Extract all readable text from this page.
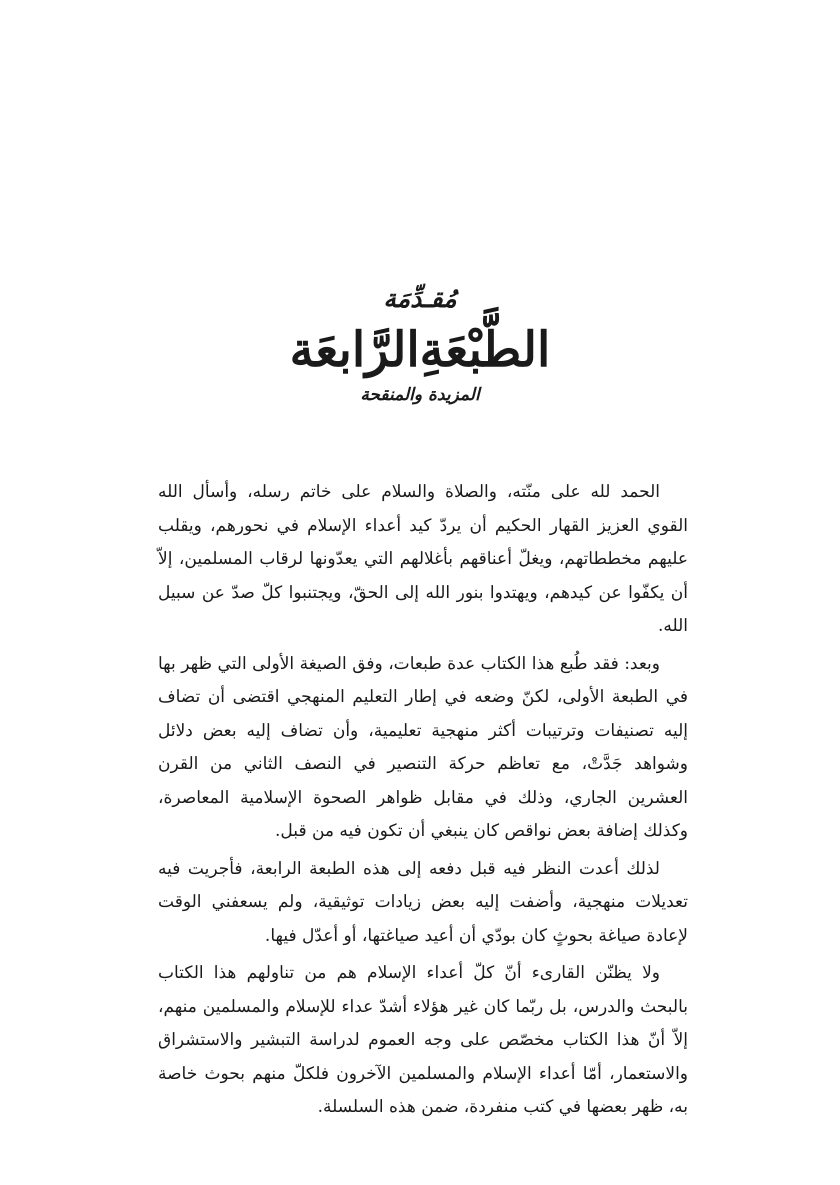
مُقـدِّمَة
الطَّبْعَةِالرَّابعَة
المزيدة والمنقحة

الحمد لله على منّته، والصلاة والسلام على خاتم رسله، وأسأل الله القوي العزيز القهار الحكيم أن يردّ كيد أعداء الإسلام في نحورهم، ويقلب عليهم مخططاتهم، ويغلّ أعناقهم بأغلالهم التي يعدّونها لرقاب المسلمين، إلاّ أن يكفّوا عن كيدهم، ويهتدوا بنور الله إلى الحقّ، ويجتنبوا كلّ صدّ عن سبيل الله.

وبعد: فقد طُبع هذا الكتاب عدة طبعات، وفق الصيغة الأولى التي ظهر بها في الطبعة الأولى، لكنّ وضعه في إطار التعليم المنهجي اقتضى أن تضاف إليه تصنيفات وترتيبات أكثر منهجية تعليمية، وأن تضاف إليه بعض دلائل وشواهد جَدَّتْ، مع تعاظم حركة التنصير في النصف الثاني من القرن العشرين الجاري، وذلك في مقابل ظواهر الصحوة الإسلامية المعاصرة، وكذلك إضافة بعض نواقص كان ينبغي أن تكون فيه من قبل.

لذلك أعدت النظر فيه قبل دفعه إلى هذه الطبعة الرابعة، فأجريت فيه تعديلات منهجية، وأضفت إليه بعض زيادات توثيقية، ولم يسعفني الوقت لإعادة صياغة بحوثٍ كان بودّي أن أعيد صياغتها، أو أعدّل فيها.

ولا يظنّن القارىء أنّ كلّ أعداء الإسلام هم من تناولهم هذا الكتاب بالبحث والدرس، بل ربّما كان غير هؤلاء أشدّ عداء للإسلام والمسلمين منهم، إلاّ أنّ هذا الكتاب مخصّص على وجه العموم لدراسة التبشير والاستشراق والاستعمار، أمّا أعداء الإسلام والمسلمين الآخرون فلكلّ منهم بحوث خاصة به، ظهر بعضها في كتب منفردة، ضمن هذه السلسلة.
